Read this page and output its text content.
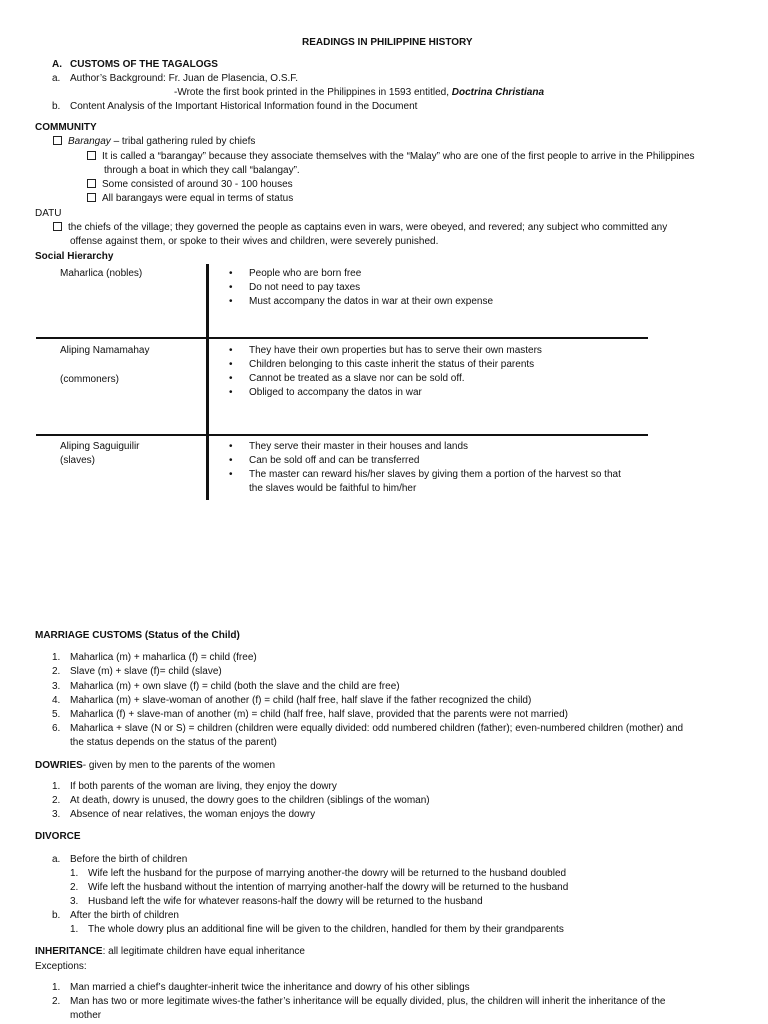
READINGS IN PHILIPPINE HISTORY
A. CUSTOMS OF THE TAGALOGS
a. Author’s Background: Fr. Juan de Plasencia, O.S.F.
-Wrote the first book printed in the Philippines in 1593 entitled, Doctrina Christiana
b. Content Analysis of the Important Historical Information found in the Document
COMMUNITY
Barangay – tribal gathering ruled by chiefs
It is called a “barangay” because they associate themselves with the “Malay” who are one of the first people to arrive in the Philippines
through a boat in which they call “balangay”.
Some consisted of around 30 - 100 houses
All barangays were equal in terms of status
DATU
the chiefs of the village; they governed the people as captains even in wars, were obeyed, and revered; any subject who committed any
offense against them, or spoke to their wives and children, were severely punished.
Social Hierarchy
Maharlica (nobles)	• People who are born free
• Do not need to pay taxes
• Must accompany the datos in war at their own expense
Aliping Namamahay
(commoners)
• They have their own properties but has to serve their own masters
• Children belonging to this caste inherit the status of their parents
• Cannot be treated as a slave nor can be sold off.
• Obliged to accompany the datos in war
Aliping Saguiguilir
(slaves)
• They serve their master in their houses and lands
• Can be sold off and can be transferred
• The master can reward his/her slaves by giving them a portion of the harvest so that
the slaves would be faithful to him/her
MARRIAGE CUSTOMS (Status of the Child)
1. Maharlica (m) + maharlica (f) = child (free)
2. Slave (m) + slave (f)= child (slave)
3. Maharlica (m) + own slave (f) = child (both the slave and the child are free)
4. Maharlica (m) + slave-woman of another (f) = child (half free, half slave if the father recognized the child)
5. Maharlica (f) + slave-man of another (m) = child (half free, half slave, provided that the parents were not married)
6. Maharlica + slave (N or S) = children (children were equally divided: odd numbered children (father); even-numbered children (mother) and
the status depends on the status of the parent)
DOWRIES- given by men to the parents of the women
1. If both parents of the woman are living, they enjoy the dowry
2. At death, dowry is unused, the dowry goes to the children (siblings of the woman)
3. Absence of near relatives, the woman enjoys the dowry
DIVORCE
a. Before the birth of children
1. Wife left the husband for the purpose of marrying another-the dowry will be returned to the husband doubled
2. Wife left the husband without the intention of marrying another-half the dowry will be returned to the husband
3. Husband left the wife for whatever reasons-half the dowry will be returned to the husband
b. After the birth of children
1. The whole dowry plus an additional fine will be given to the children, handled for them by their grandparents
INHERITANCE: all legitimate children have equal inheritance
Exceptions:
1. Man married a chief’s daughter-inherit twice the inheritance and dowry of his other siblings
2. Man has two or more legitimate wives-the father’s inheritance will be equally divided, plus, the children will inherit the inheritance of the
mother
